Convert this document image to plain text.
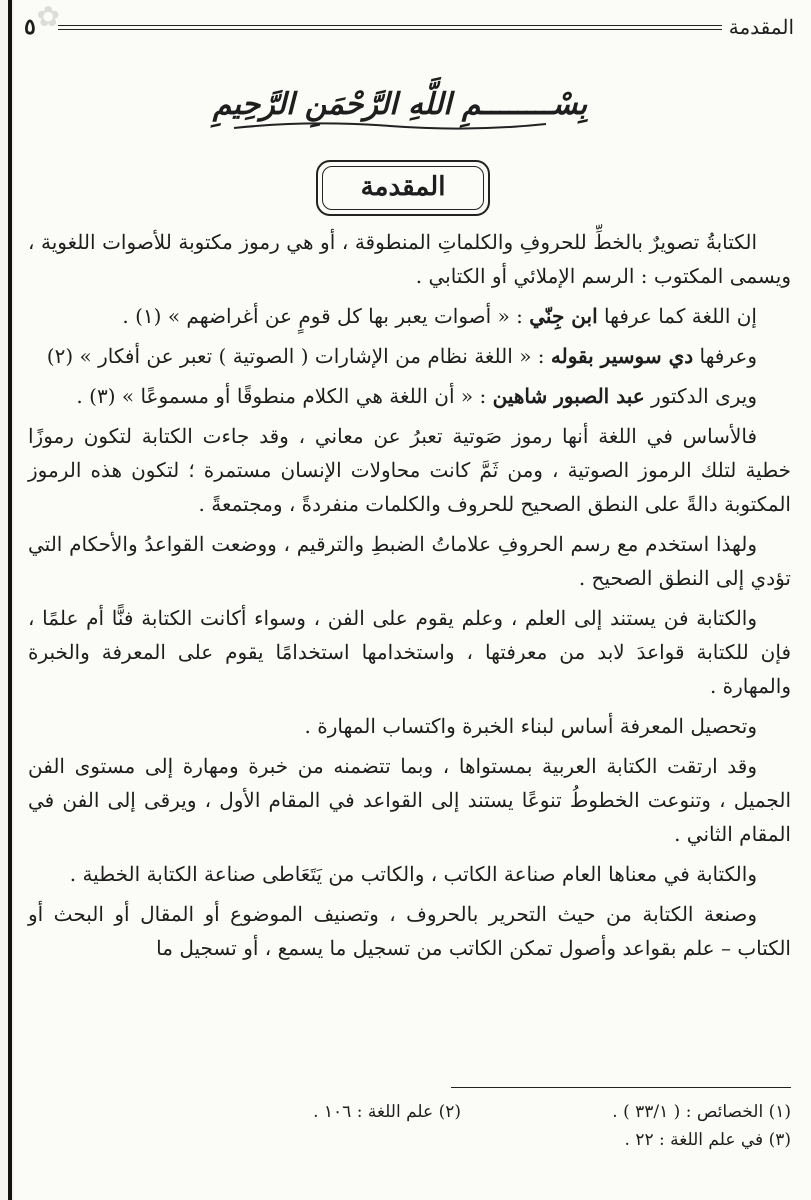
✿
٥	المقدمة
بِسْــــــــمِ اللَّهِ الرَّحْمَنِ الرَّحِيمِ
المقدمة

الكتابةُ تصويرٌ بالخطِّ للحروفِ والكلماتِ المنطوقة ، أو هي رموز مكتوبة للأصوات اللغوية ، ويسمى المكتوب : الرسم الإملائي أو الكتابي .

إن اللغة كما عرفها ابن جِنّي : « أصوات يعبر بها كل قومٍ عن أغراضهم » (١) .

وعرفها دي سوسير بقوله : « اللغة نظام من الإشارات ( الصوتية ) تعبر عن أفكار » (٢)

ويرى الدكتور عبد الصبور شاهين : « أن اللغة هي الكلام منطوقًا أو مسموعًا » (٣) .

فالأساس في اللغة أنها رموز صَوتية تعبرُ عن معاني ، وقد جاءت الكتابة لتكون رموزًا خطية لتلك الرموز الصوتية ، ومن ثَمَّ كانت محاولات الإنسان مستمرة ؛ لتكون هذه الرموز المكتوبة دالةً على النطق الصحيح للحروف والكلمات منفردةً ، ومجتمعةً .

ولهذا استخدم مع رسم الحروفِ علاماتُ الضبطِ والترقيم ، ووضعت القواعدُ والأحكام التي تؤدي إلى النطق الصحيح .

والكتابة فن يستند إلى العلم ، وعلم يقوم على الفن ، وسواء أكانت الكتابة فنًّا أم علمًا ، فإن للكتابة قواعدَ لابد من معرفتها ، واستخدامها استخدامًا يقوم على المعرفة والخبرة والمهارة .

وتحصيل المعرفة أساس لبناء الخبرة واكتساب المهارة .

وقد ارتقت الكتابة العربية بمستواها ، وبما تتضمنه من خبرة ومهارة إلى مستوى الفن الجميل ، وتنوعت الخطوطُ تنوعًا يستند إلى القواعد في المقام الأول ، ويرقى إلى الفن في المقام الثاني .

والكتابة في معناها العام صناعة الكاتب ، والكاتب من يَتَعَاطى صناعة الكتابة الخطية .

وصنعة الكتابة من حيث التحرير بالحروف ، وتصنيف الموضوع أو المقال أو البحث أو الكتاب – علم بقواعد وأصول تمكن الكاتب من تسجيل ما يسمع ، أو تسجيل ما

(١) الخصائص : ( ٣٣/١ ) .
(٢) علم اللغة : ١٠٦ .
(٣) في علم اللغة : ٢٢ .
